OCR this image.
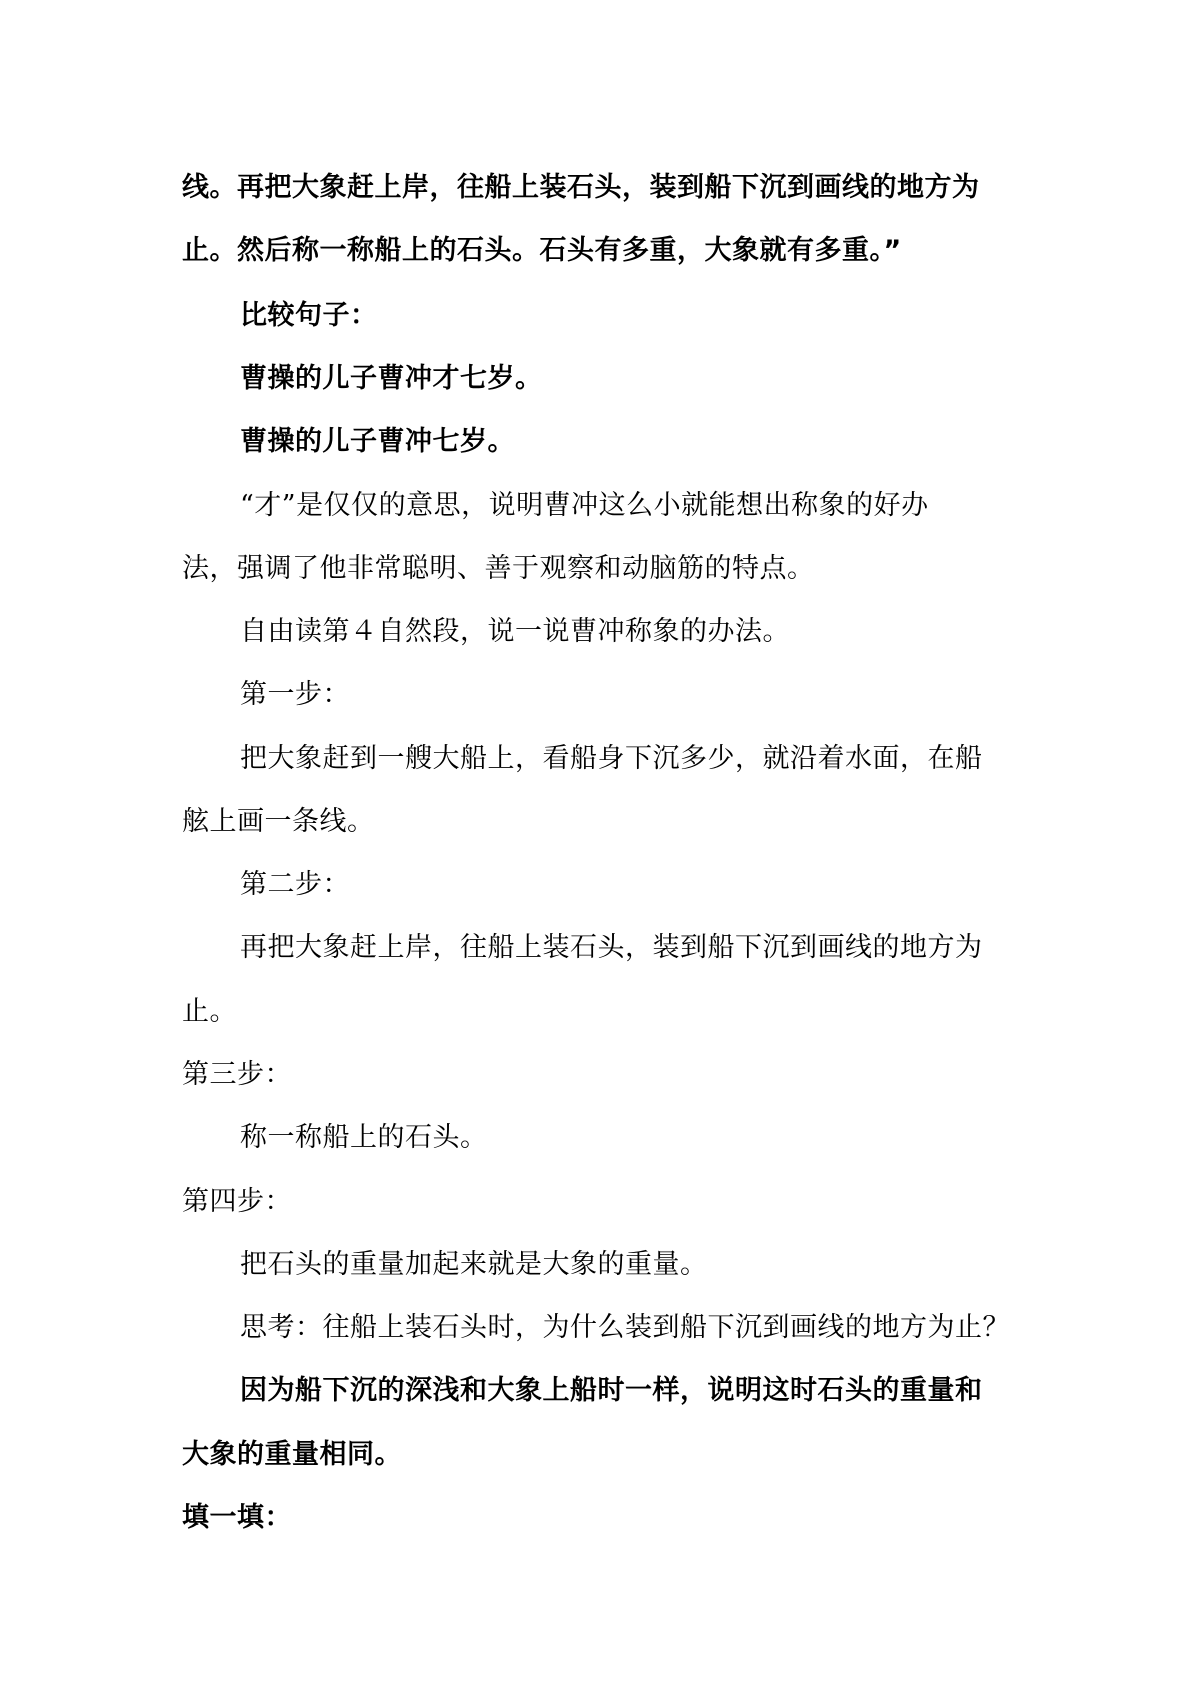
线。再把大象赶上岸，往船上装石头，装到船下沉到画线的地方为
止。然后称一称船上的石头。石头有多重，大象就有多重。”
比较句子：
曹操的儿子曹冲才七岁。
曹操的儿子曹冲七岁。
“才”是仅仅的意思，说明曹冲这么小就能想出称象的好办
法，强调了他非常聪明、善于观察和动脑筋的特点。
自由读第４自然段，说一说曹冲称象的办法。
第一步：
把大象赶到一艘大船上，看船身下沉多少，就沿着水面，在船
舷上画一条线。
第二步：
再把大象赶上岸，往船上装石头，装到船下沉到画线的地方为
止。
第三步：
称一称船上的石头。
第四步：
把石头的重量加起来就是大象的重量。
思考：往船上装石头时，为什么装到船下沉到画线的地方为止？
因为船下沉的深浅和大象上船时一样，说明这时石头的重量和
大象的重量相同。
填一填：
